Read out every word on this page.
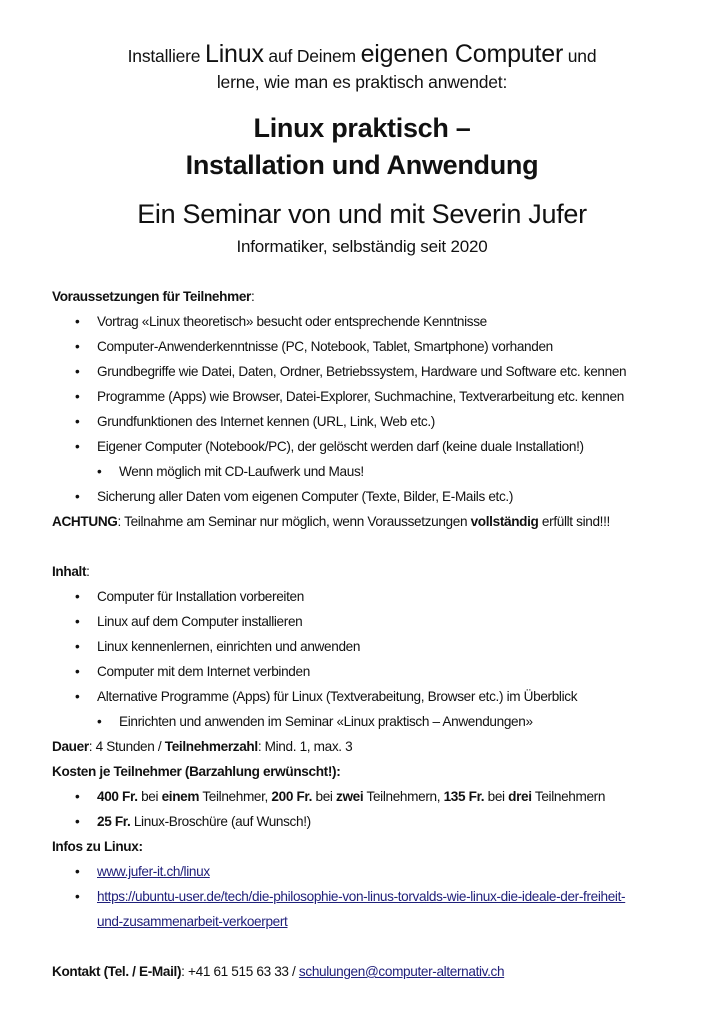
Installiere Linux auf Deinem eigenen Computer und
lerne, wie man es praktisch anwendet:
Linux praktisch –
Installation und Anwendung
Ein Seminar von und mit Severin Jufer
Informatiker, selbständig seit 2020
Voraussetzungen für Teilnehmer:
• Vortrag «Linux theoretisch» besucht oder entsprechende Kenntnisse
• Computer-Anwenderkenntnisse (PC, Notebook, Tablet, Smartphone) vorhanden
• Grundbegriffe wie Datei, Daten, Ordner, Betriebssystem, Hardware und Software etc. kennen
• Programme (Apps) wie Browser, Datei-Explorer, Suchmachine, Textverarbeitung etc. kennen
• Grundfunktionen des Internet kennen (URL, Link, Web etc.)
• Eigener Computer (Notebook/PC), der gelöscht werden darf (keine duale Installation!)
• Wenn möglich mit CD-Laufwerk und Maus!
• Sicherung aller Daten vom eigenen Computer (Texte, Bilder, E-Mails etc.)
ACHTUNG: Teilnahme am Seminar nur möglich, wenn Voraussetzungen vollständig erfüllt sind!!!
Inhalt:
• Computer für Installation vorbereiten
• Linux auf dem Computer installieren
• Linux kennenlernen, einrichten und anwenden
• Computer mit dem Internet verbinden
• Alternative Programme (Apps) für Linux (Textverabeitung, Browser etc.) im Überblick
• Einrichten und anwenden im Seminar «Linux praktisch – Anwendungen»
Dauer: 4 Stunden / Teilnehmerzahl: Mind. 1, max. 3
Kosten je Teilnehmer (Barzahlung erwünscht!):
• 400 Fr. bei einem Teilnehmer, 200 Fr. bei zwei Teilnehmern, 135 Fr. bei drei Teilnehmern
• 25 Fr. Linux-Broschüre (auf Wunsch!)
Infos zu Linux:
• www.jufer-it.ch/linux
• https://ubuntu-user.de/tech/die-philosophie-von-linus-torvalds-wie-linux-die-ideale-der-freiheit-
und-zusammenarbeit-verkoerpert
Kontakt (Tel. / E-Mail): +41 61 515 63 33 / schulungen@computer-alternativ.ch
